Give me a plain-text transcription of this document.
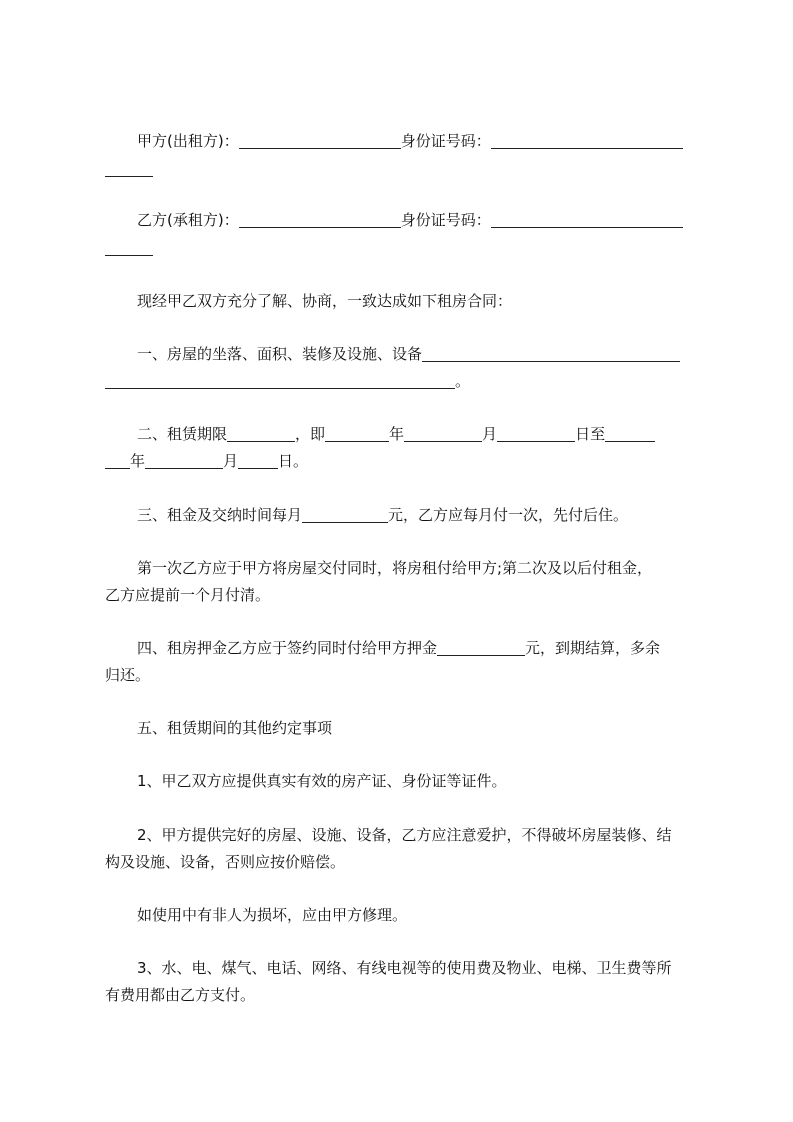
甲方(出租方)：	身份证号码：
乙方(承租方)：	身份证号码：
现经甲乙双方充分了解、协商，一致达成如下租房合同：
一、房屋的坐落、面积、装修及设施、设备
。
二、租赁期限	，即	年	月	日至
年	月	日。
三、租金及交纳时间每月	元，乙方应每月付一次，先付后住。
第一次乙方应于甲方将房屋交付同时，将房租付给甲方;第二次及以后付租金，
乙方应提前一个月付清。
四、租房押金乙方应于签约同时付给甲方押金	元，到期结算，多余
归还。
五、租赁期间的其他约定事项
1、甲乙双方应提供真实有效的房产证、身份证等证件。
2、甲方提供完好的房屋、设施、设备，乙方应注意爱护，不得破坏房屋装修、结
构及设施、设备，否则应按价赔偿。
如使用中有非人为损坏，应由甲方修理。
3、水、电、煤气、电话、网络、有线电视等的使用费及物业、电梯、卫生费等所
有费用都由乙方支付。
